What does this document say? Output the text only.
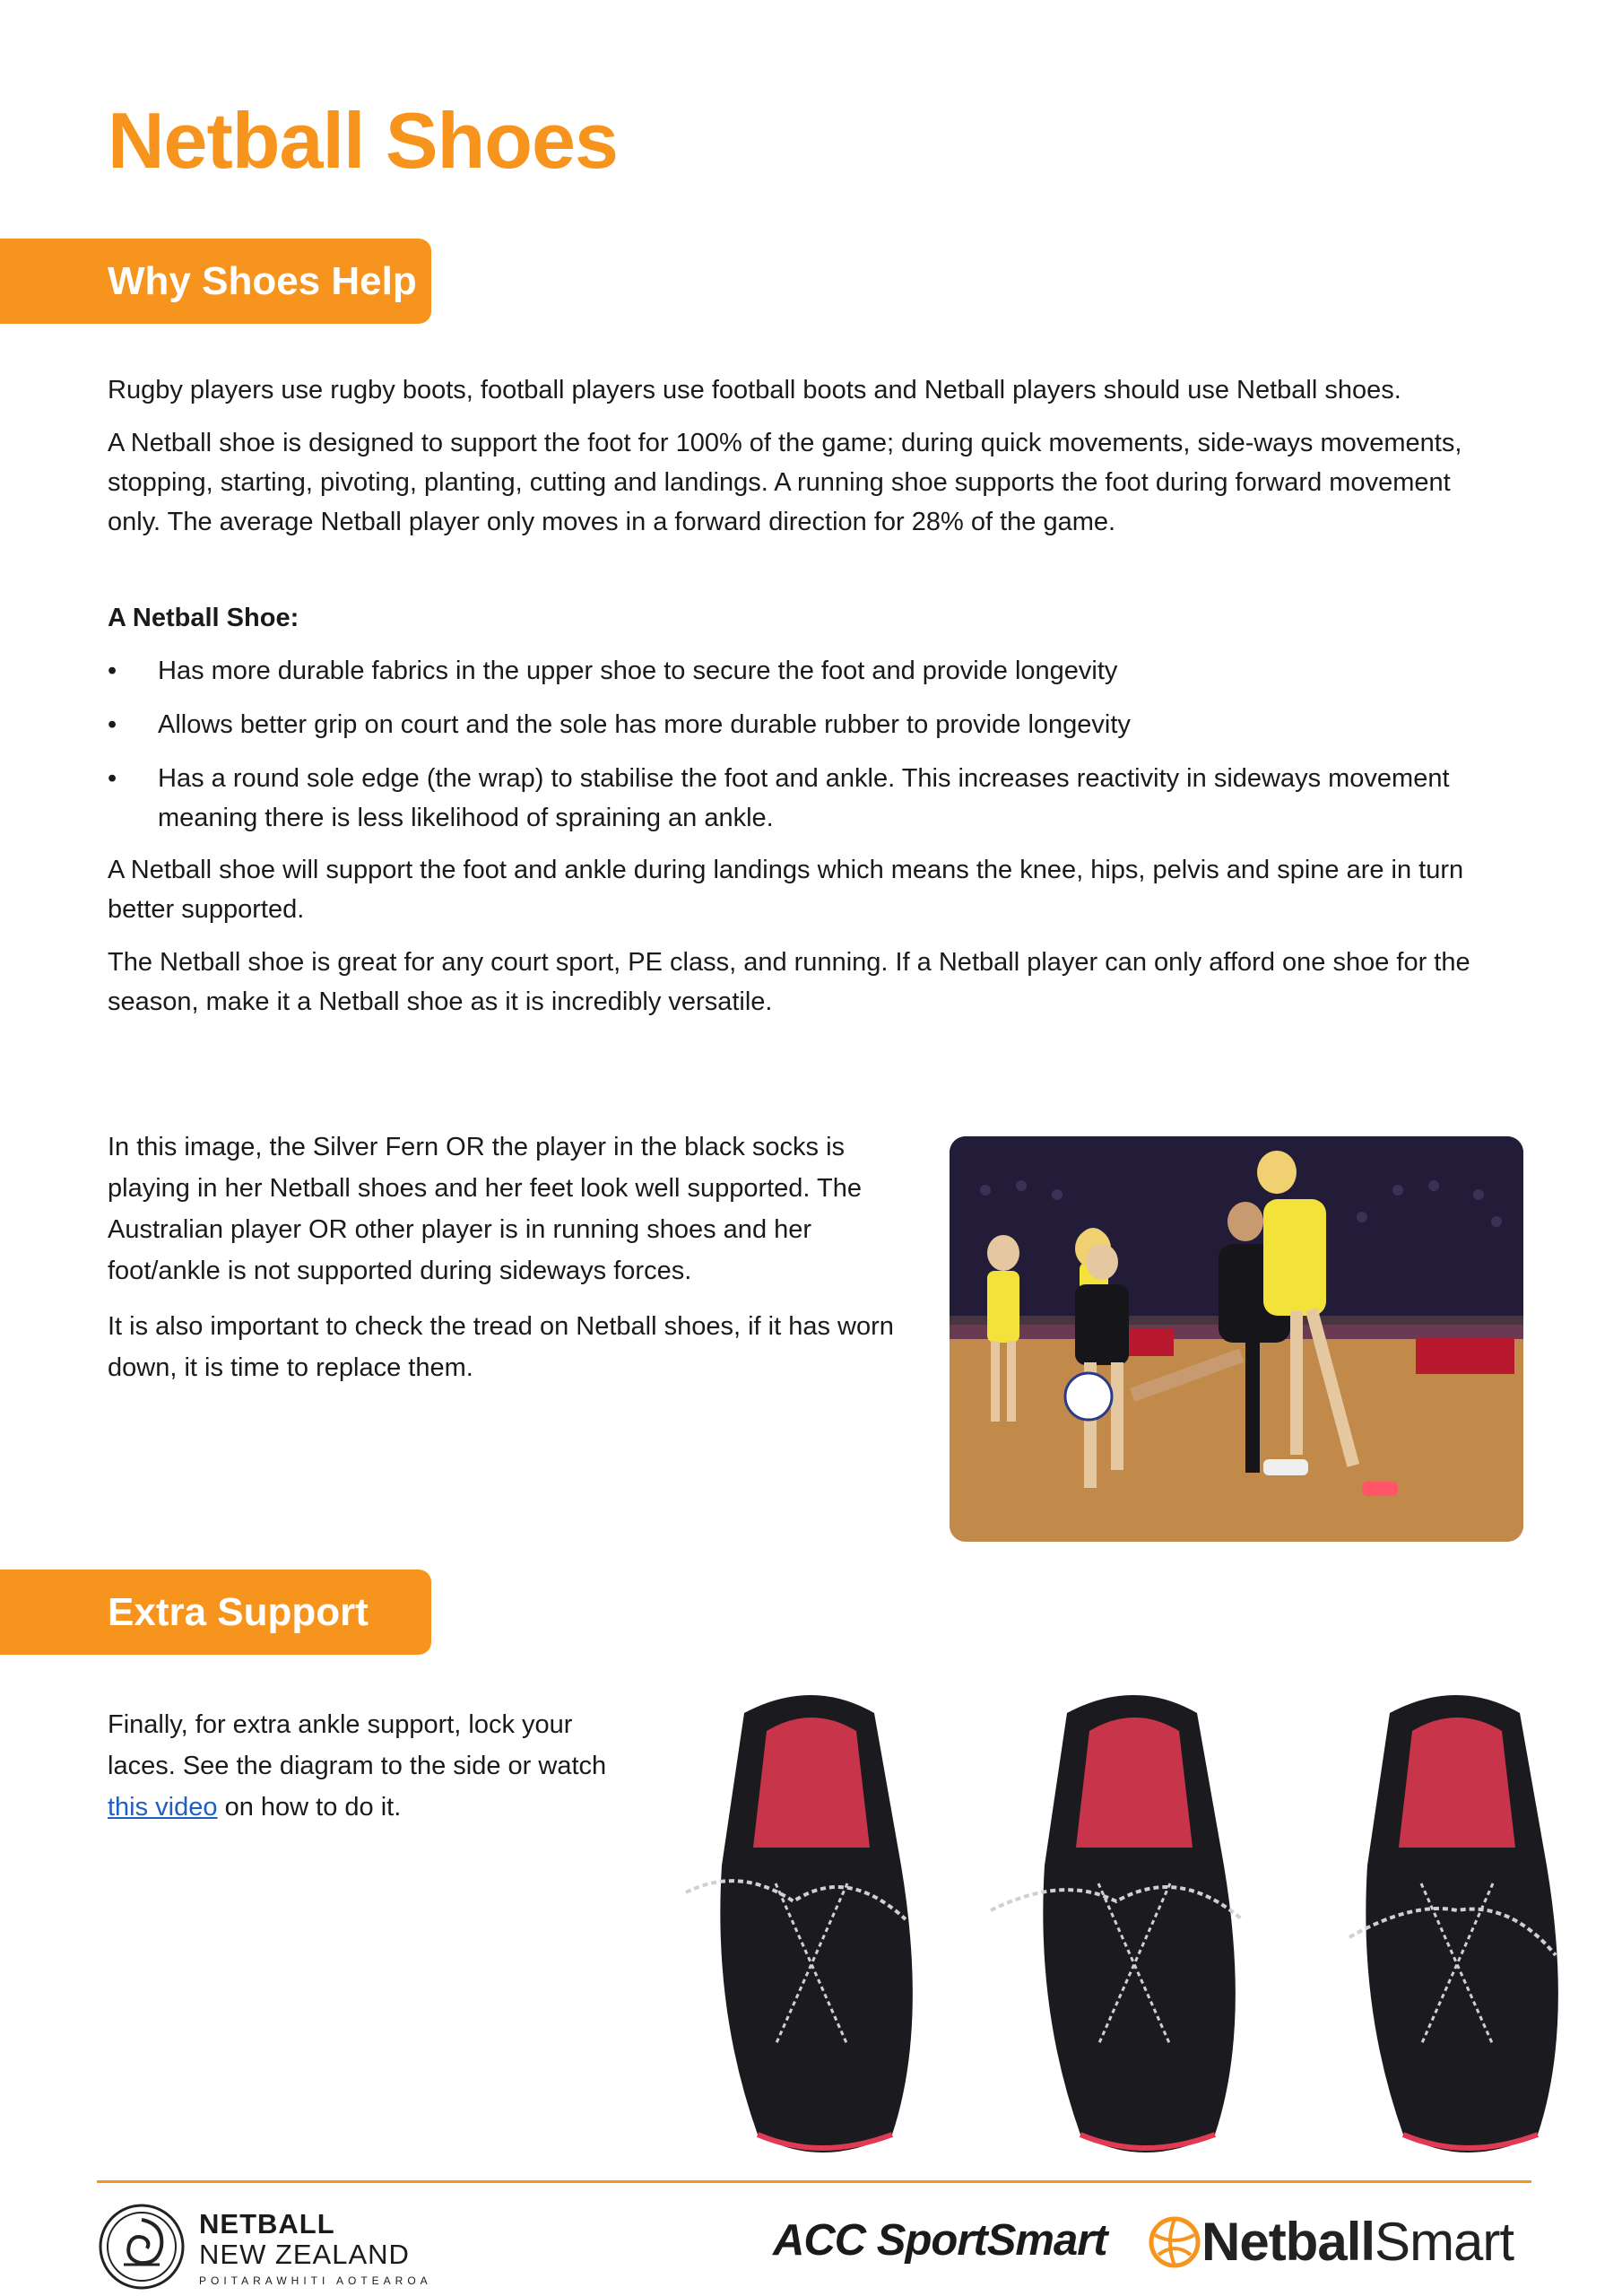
Netball Shoes
Why Shoes Help

Rugby players use rugby boots, football players use football boots and Netball players should use Netball shoes.

A Netball shoe is designed to support the foot for 100% of the game; during quick movements, side-ways movements, stopping, starting, pivoting, planting, cutting and landings. A running shoe supports the foot during forward movement only. The average Netball player only moves in a forward direction for 28% of the game.

A Netball Shoe:

• Has more durable fabrics in the upper shoe to secure the foot and provide longevity
• Allows better grip on court and the sole has more durable rubber to provide longevity
• Has a round sole edge (the wrap) to stabilise the foot and ankle. This increases reactivity in sideways movement meaning there is less likelihood of spraining an ankle.

A Netball shoe will support the foot and ankle during landings which means the knee, hips, pelvis and spine are in turn better supported.

The Netball shoe is great for any court sport, PE class, and running. If a Netball player can only afford one shoe for the season, make it a Netball shoe as it is incredibly versatile.

In this image, the Silver Fern OR the player in the black socks is playing in her Netball shoes and her feet look well supported. The Australian player OR other player is in running shoes and her foot/ankle is not supported during sideways forces.

It is also important to check the tread on Netball shoes, if it has worn down, it is time to replace them.

Extra Support

Finally, for extra ankle support, lock your laces. See the diagram to the side or watch this video on how to do it.

NETBALL
NEW ZEALAND
POITARAWHITI AOTEAROA
ACC SportSmart Netball Smart
